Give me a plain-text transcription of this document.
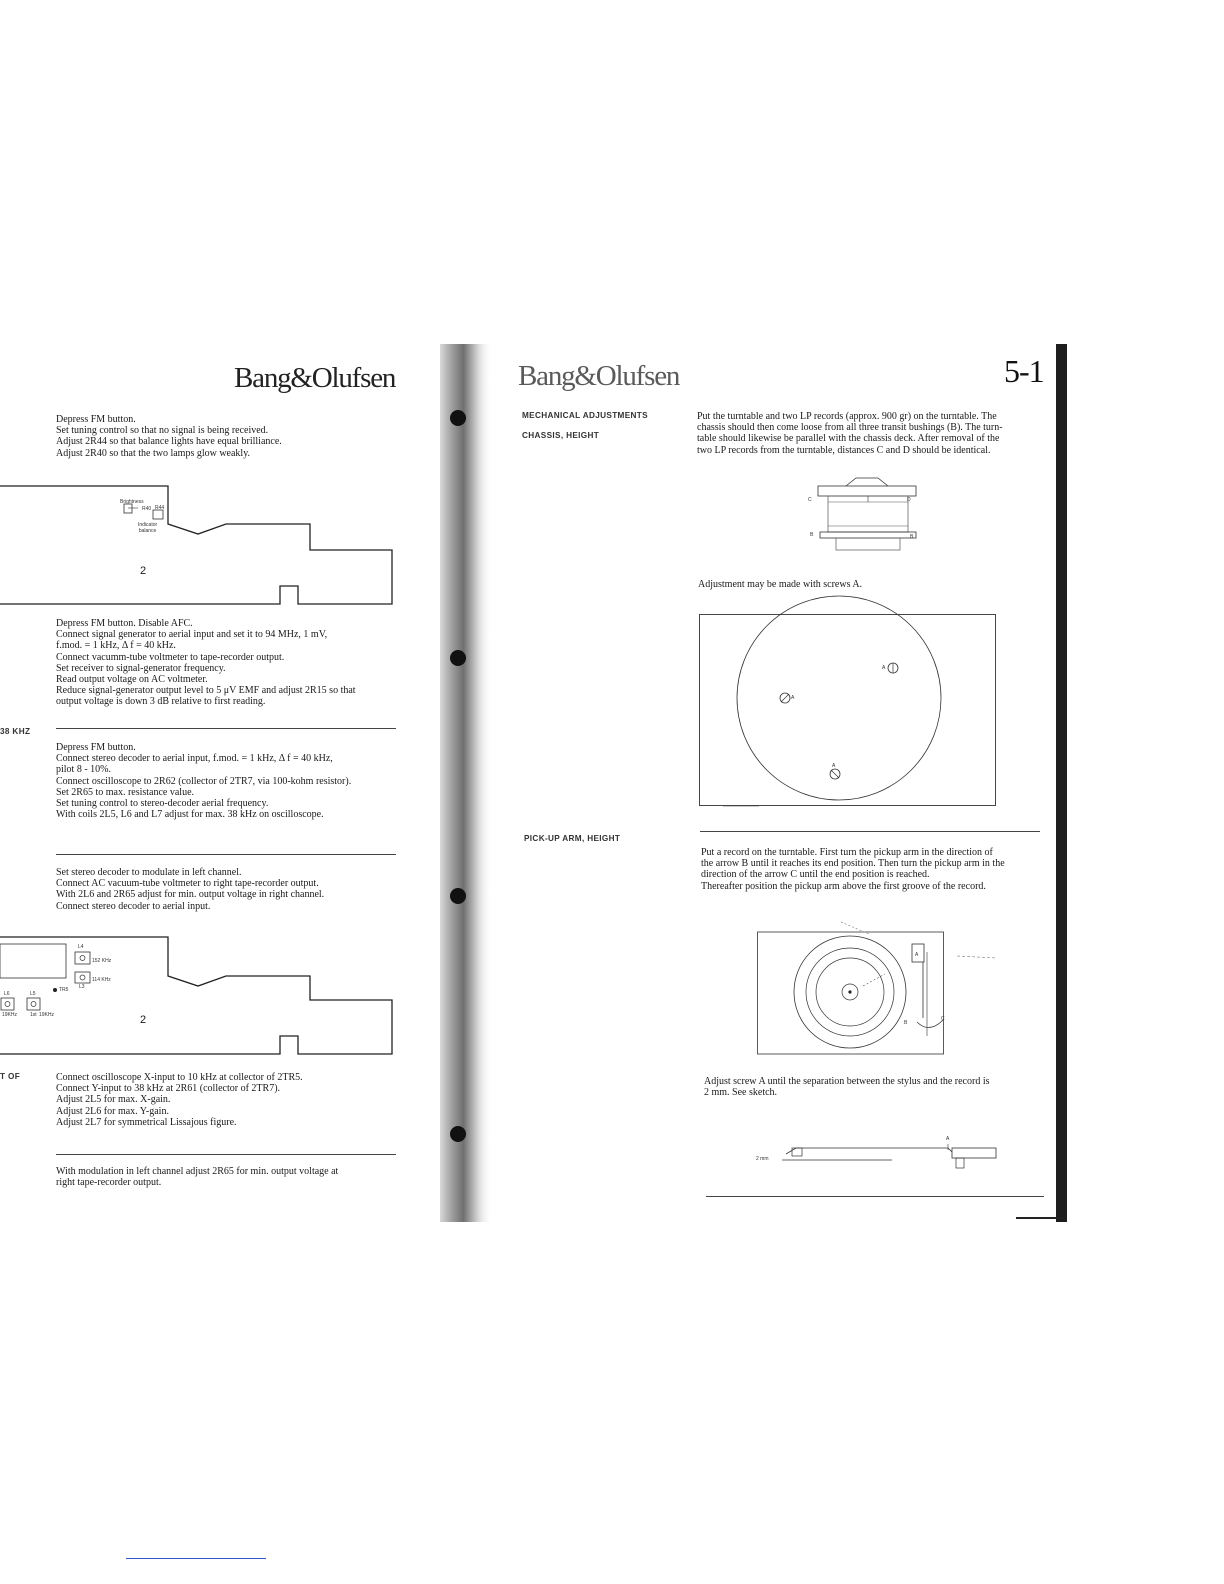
Bang&Olufsen
Depress FM button.
Set tuning control so that no signal is being received.
Adjust 2R44 so that balance lights have equal brilliance.
Adjust 2R40 so that the two lamps glow weakly.
Brightness
R40 R44
Indicator
balance
2
Depress FM button. Disable AFC.
Connect signal generator to aerial input and set it to 94 MHz, 1 mV,
f.mod. = 1 kHz, Δ f = 40 kHz.
Connect vacumm-tube voltmeter to tape-recorder output.
Set receiver to signal-generator frequency.
Read output voltage on AC voltmeter.
Reduce signal-generator output level to 5 μV EMF and adjust 2R15 so that
output voltage is down 3 dB relative to first reading.
38 KHZ
Depress FM button.
Connect stereo decoder to aerial input, f.mod. = 1 kHz, Δ f = 40 kHz,
pilot 8 - 10%.
Connect oscilloscope to 2R62 (collector of 2TR7, via 100-kohm resistor).
Set 2R65 to max. resistance value.
Set tuning control to stereo-decoder aerial frequency.
With coils 2L5, L6 and L7 adjust for max. 38 kHz on oscilloscope.
Set stereo decoder to modulate in left channel.
Connect AC vacuum-tube voltmeter to right tape-recorder output.
With 2L6 and 2R65 adjust for min. output voltage in right channel.
Connect stereo decoder to aerial input.
L4
152 KHz
114 KHz
L3
TR5
L6	L5
19KHz	1st 19KHz	2
T OF	Connect oscilloscope X-input to 10 kHz at collector of 2TR5.
Connect Y-input to 38 kHz at 2R61 (collector of 2TR7).
Adjust 2L5 for max. X-gain.
Adjust 2L6 for max. Y-gain.
Adjust 2L7 for symmetrical Lissajous figure.
With modulation in left channel adjust 2R65 for min. output voltage at
right tape-recorder output.
Bang&Olufsen	5-1
MECHANICAL ADJUSTMENTS
CHASSIS, HEIGHT
Put the turntable and two LP records (approx. 900 gr) on the turntable. The
chassis should then come loose from all three transit bushings (B). The turn-
table should likewise be parallel with the chassis deck. After removal of the
two LP records from the turntable, distances C and D should be identical.
C	D
B	B
Adjustment may be made with screws A.
A
A
A
PICK-UP ARM, HEIGHT
Put a record on the turntable. First turn the pickup arm in the direction of
the arrow B until it reaches its end position. Then turn the pickup arm in the
direction of the arrow C until the end position is reached.
Thereafter position the pickup arm above the first groove of the record.
A
B
C
Adjust screw A until the separation between the stylus and the record is
2 mm. See sketch.
2 mm
A
